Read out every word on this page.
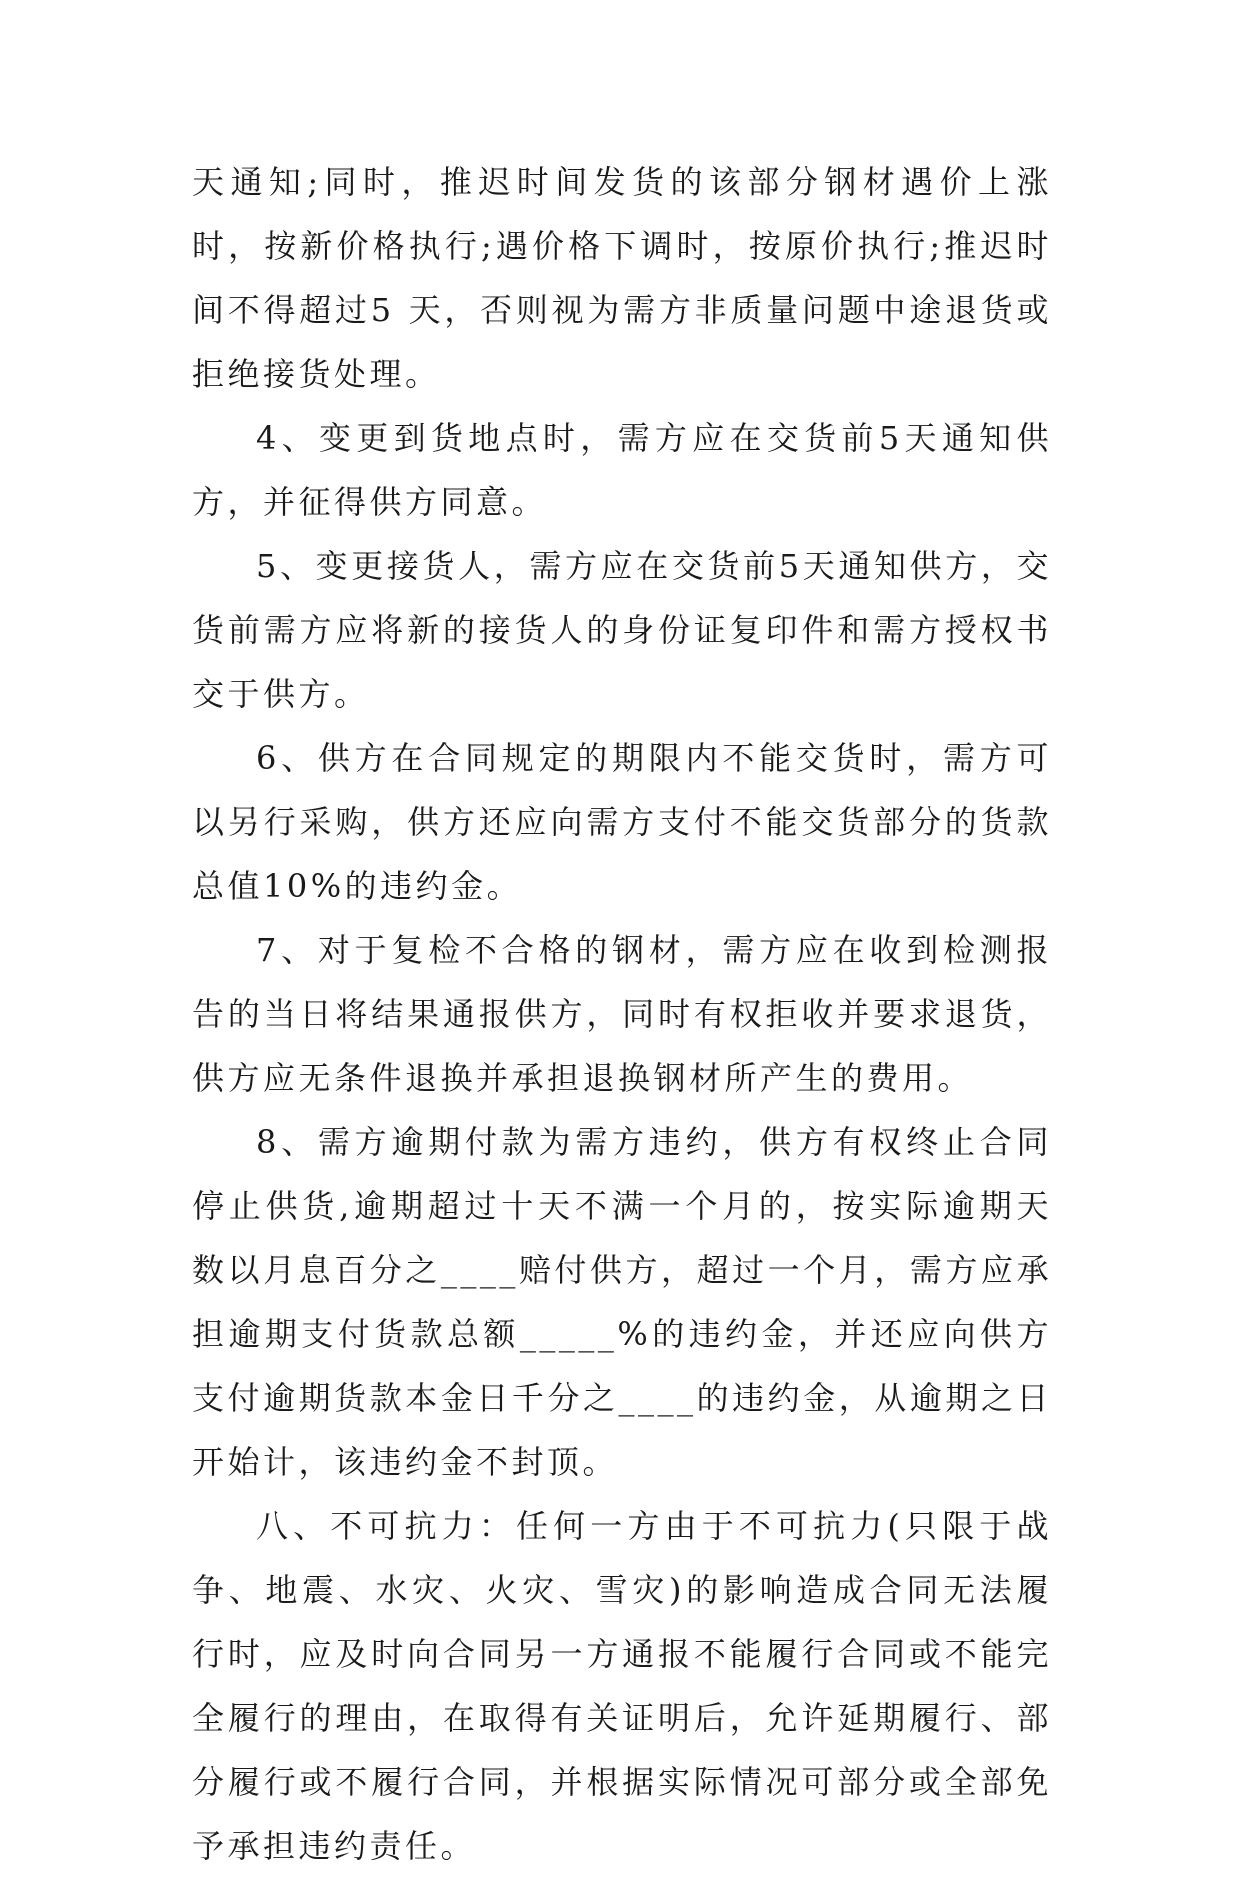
天通知;同时，推迟时间发货的该部分钢材遇价上涨时，按新价格执行;遇价格下调时，按原价执行;推迟时间不得超过5 天，否则视为需方非质量问题中途退货或拒绝接货处理。

4、变更到货地点时，需方应在交货前5天通知供方，并征得供方同意。

5、变更接货人，需方应在交货前5天通知供方，交货前需方应将新的接货人的身份证复印件和需方授权书交于供方。

6、供方在合同规定的期限内不能交货时，需方可以另行采购，供方还应向需方支付不能交货部分的货款总值10%的违约金。

7、对于复检不合格的钢材，需方应在收到检测报告的当日将结果通报供方，同时有权拒收并要求退货，供方应无条件退换并承担退换钢材所产生的费用。

8、需方逾期付款为需方违约，供方有权终止合同停止供货,逾期超过十天不满一个月的，按实际逾期天数以月息百分之____赔付供方，超过一个月，需方应承担逾期支付货款总额_____%的违约金，并还应向供方支付逾期货款本金日千分之____的违约金，从逾期之日开始计，该违约金不封顶。

八、不可抗力：任何一方由于不可抗力(只限于战争、地震、水灾、火灾、雪灾)的影响造成合同无法履行时，应及时向合同另一方通报不能履行合同或不能完全履行的理由，在取得有关证明后，允许延期履行、部分履行或不履行合同，并根据实际情况可部分或全部免予承担违约责任。
